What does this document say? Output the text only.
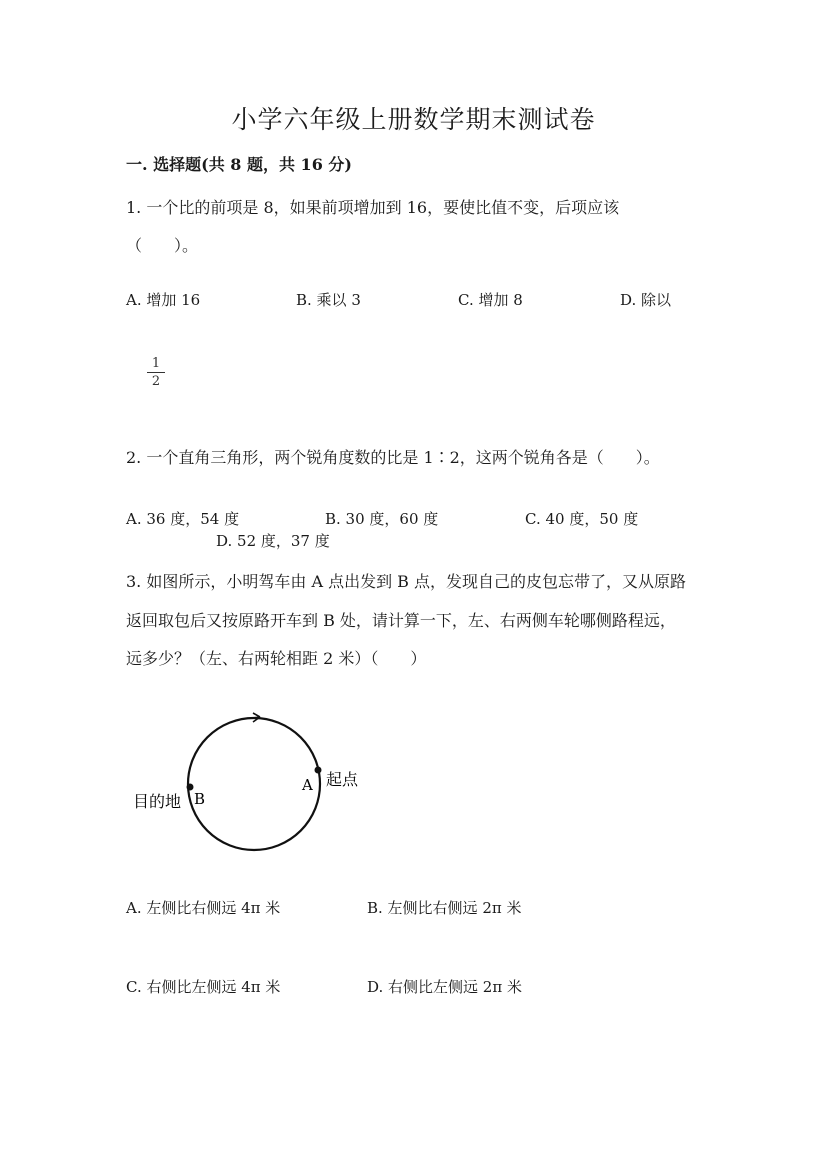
小学六年级上册数学期末测试卷
一. 选择题(共 8 题，共 16 分)
1. 一个比的前项是 8，如果前项增加到 16，要使比值不变，后项应该
（　　）。
A. 增加 16	B. 乘以 3	C. 增加 8	D. 除以
1
2
2. 一个直角三角形，两个锐角度数的比是 1∶2，这两个锐角各是（　　）。
A. 36 度，54 度	B. 30 度，60 度	C. 40 度，50 度
D. 52 度，37 度
3. 如图所示，小明驾车由 A 点出发到 B 点，发现自己的皮包忘带了，又从原路
返回取包后又按原路开车到 B 处，请计算一下，左、右两侧车轮哪侧路程远，
远多少？（左、右两轮相距 2 米）（　　）
目的地 B
A 起点
A. 左侧比右侧远 4π 米	B. 左侧比右侧远 2π 米
C. 右侧比左侧远 4π 米	D. 右侧比左侧远 2π 米
